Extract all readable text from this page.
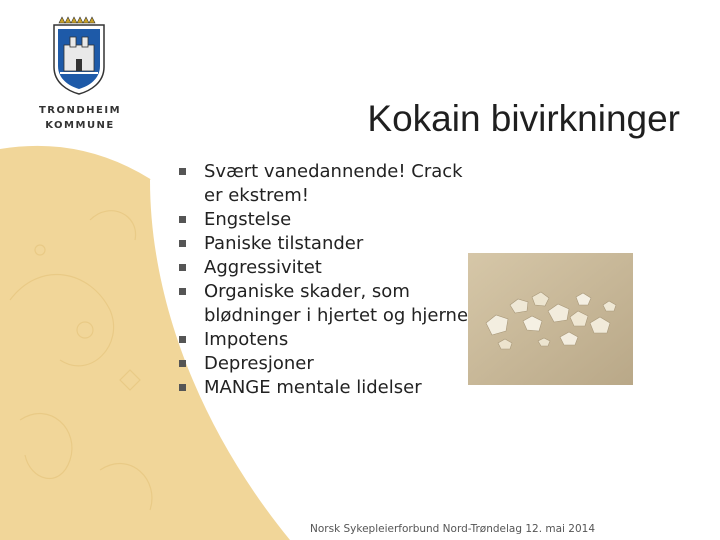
TRONDHEIM
KOMMUNE	Kokain bivirkninger
Svært vanedannende! Crack er ekstrem!
Engstelse
Paniske tilstander
Aggressivitet
Organiske skader, som blødninger i hjertet og hjerne
Impotens
Depresjoner
MANGE mentale lidelser
Norsk Sykepleierforbund Nord-Trøndelag 12. mai 2014
